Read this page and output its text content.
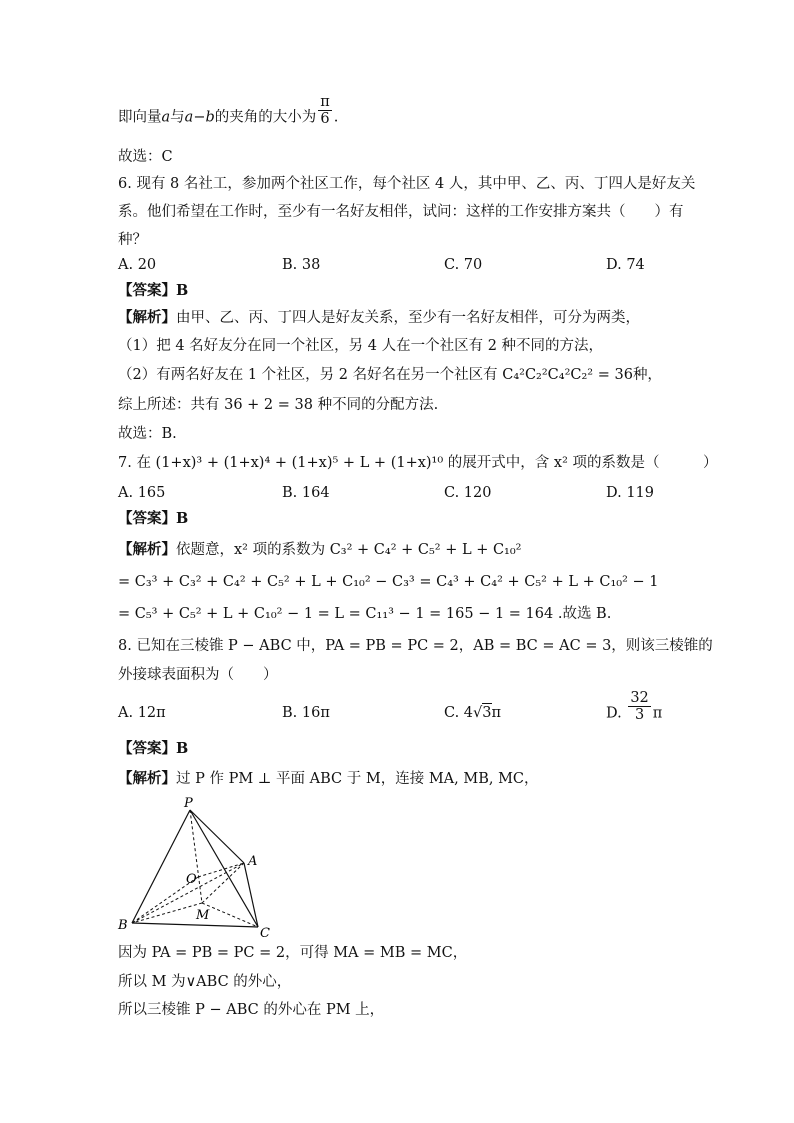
即向量a与a−b的夹角的大小为 $\frac{\pi}{6}$ .
故选：C
6. 现有 8 名社工，参加两个社区工作，每个社区 4 人，其中甲、乙、丙、丁四人是好友关
系。他们希望在工作时，至少有一名好友相伴，试问：这样的工作安排方案共（　　）有
种？
A. 20	B. 38	C. 70	D. 74
【答案】B
【解析】由甲、乙、丙、丁四人是好友关系，至少有一名好友相伴，可分为两类，
（1）把 4 名好友分在同一个社区，另 4 人在一个社区有 2 种不同的方法，
（2）有两名好友在 1 个社区，另 2 名好名在另一个社区有 C₄²C₂²C₄²C₂² = 36种，
综上所述：共有 36 + 2 = 38 种不同的分配方法.
故选：B.
7. 在 (1+x)³ + (1+x)⁴ + (1+x)⁵ + L + (1+x)¹⁰ 的展开式中，含 x² 项的系数是（　　　）
A. 165	B. 164	C. 120	D. 119
【答案】B
【解析】依题意，x² 项的系数为 C₃² + C₄² + C₅² + L + C₁₀²
= C₃³ + C₃² + C₄² + C₅² + L + C₁₀² − C₃³ = C₄³ + C₄² + C₅² + L + C₁₀² − 1
= C₅³ + C₅² + L + C₁₀² − 1 = L = C₁₁³ − 1 = 165 − 1 = 164 .故选 B.
8. 已知在三棱锥 P − ABC 中，PA = PB = PC = 2，AB = BC = AC = 3，则该三棱锥的
外接球表面积为（　　）
A. 12π	B. 16π	C. 4√3π	D. $\frac{32}{3}$ π
【答案】B
【解析】过 P 作 PM ⊥ 平面 ABC 于 M，连接 MA, MB, MC，
P
A
B
C
O
M
因为 PA = PB = PC = 2，可得 MA = MB = MC，
所以 M 为∨ABC 的外心，
所以三棱锥 P − ABC 的外心在 PM 上，
